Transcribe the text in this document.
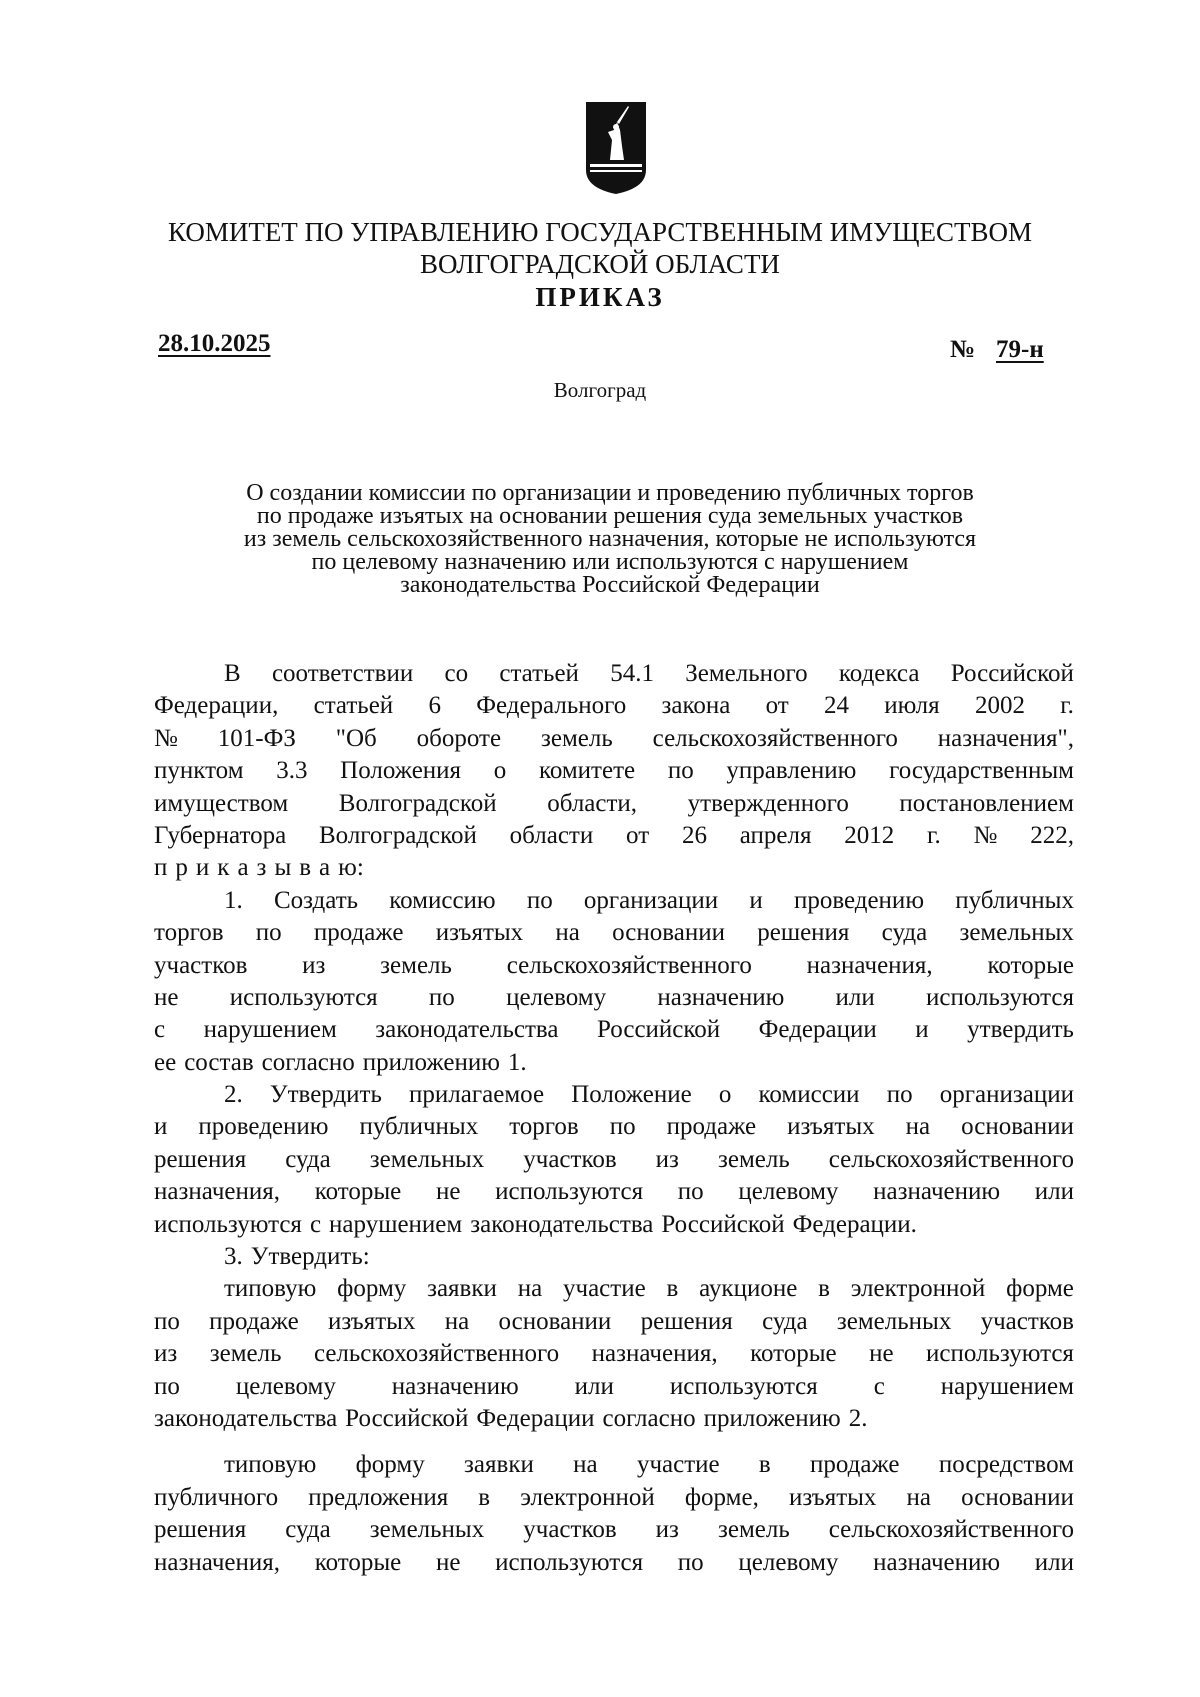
КОМИТЕТ ПО УПРАВЛЕНИЮ ГОСУДАРСТВЕННЫМ ИМУЩЕСТВОМ
ВОЛГОГРАДСКОЙ ОБЛАСТИ
ПРИКАЗ
28.10.2025	№ 79-н
Волгоград
О создании комиссии по организации и проведению публичных торгов
по продаже изъятых на основании решения суда земельных участков
из земель сельскохозяйственного назначения, которые не используются
по целевому назначению или используются с нарушением
законодательства Российской Федерации
В соответствии со статьей 54.1 Земельного кодекса Российской
Федерации, статьей 6 Федерального закона от 24 июля 2002 г.
№ 101-ФЗ "Об обороте земель сельскохозяйственного назначения",
пунктом 3.3 Положения о комитете по управлению государственным
имуществом Волгоградской области, утвержденного постановлением
Губернатора Волгоградской области от 26 апреля 2012 г. № 222,
п р и к а з ы в а ю:
1. Создать комиссию по организации и проведению публичных
торгов по продаже изъятых на основании решения суда земельных
участков из земель сельскохозяйственного назначения, которые
не используются по целевому назначению или используются
с нарушением законодательства Российской Федерации и утвердить
ее состав согласно приложению 1.
2. Утвердить прилагаемое Положение о комиссии по организации
и проведению публичных торгов по продаже изъятых на основании
решения суда земельных участков из земель сельскохозяйственного
назначения, которые не используются по целевому назначению или
используются с нарушением законодательства Российской Федерации.
3. Утвердить:
типовую форму заявки на участие в аукционе в электронной форме
по продаже изъятых на основании решения суда земельных участков
из земель сельскохозяйственного назначения, которые не используются
по целевому назначению или используются с нарушением
законодательства Российской Федерации согласно приложению 2.
типовую форму заявки на участие в продаже посредством
публичного предложения в электронной форме, изъятых на основании
решения суда земельных участков из земель сельскохозяйственного
назначения, которые не используются по целевому назначению или
